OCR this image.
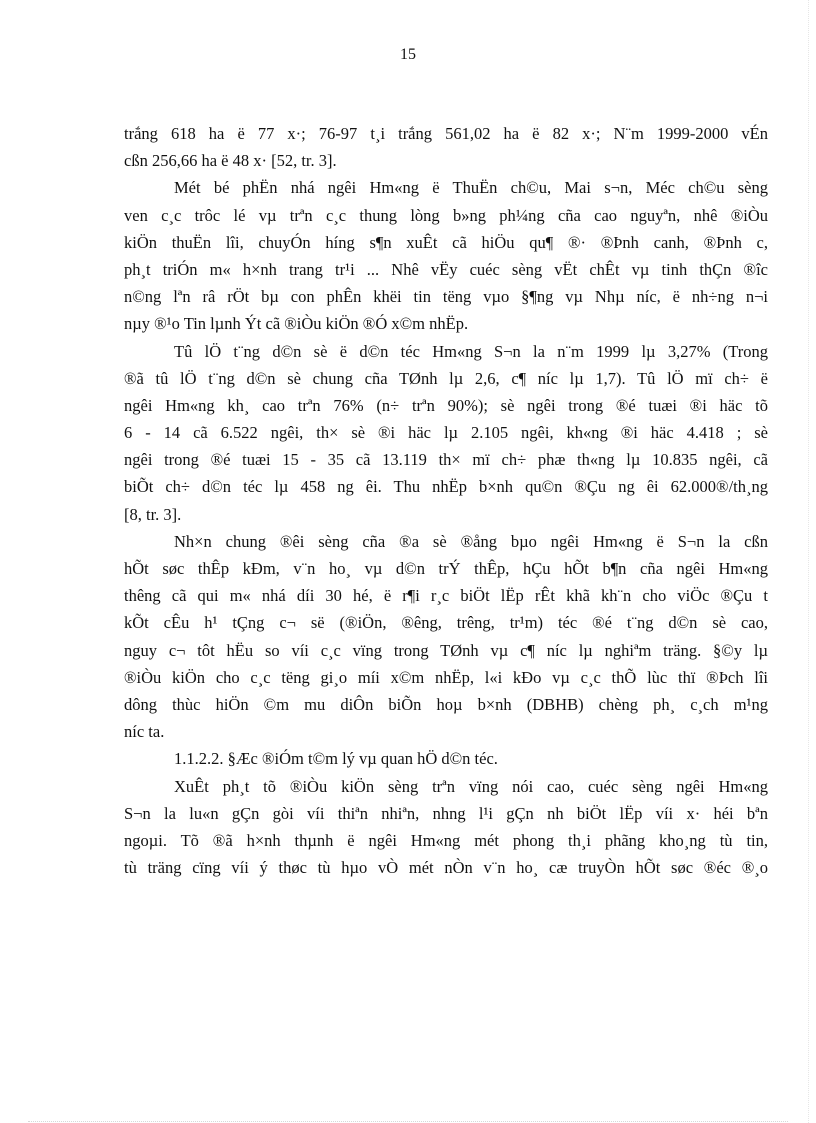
15
trắng 618 ha ë 77 x·; 76-97 t¸i trắng 561,02 ha ë 82 x·; N¨m 1999-2000 vÉn
cßn 256,66 ha ë 48 x· [52, tr. 3].
Mét bé phËn nhá ngêi Hm«ng ë ThuËn ch©u, Mai s¬n, Méc ch©u sèng
ven c¸c trôc lé vµ trªn c¸c thung lòng b»ng ph¼ng cña cao nguyªn, nhê ®iÒu
kiÖn thuËn lîi, chuyÓn híng s¶n xuÊt cã hiÖu qu¶ ®· ®Þnh canh, ®Þnh c,
ph¸t triÓn m« h×nh trang tr¹i ... Nhê vËy cuéc sèng vËt chÊt vµ tinh thÇn ®îc
n©ng lªn râ rÖt bµ con phÊn khëi tin tëng vµo §¶ng vµ Nhµ níc, ë nh÷ng n¬i
nµy ®¹o Tin lµnh Ýt cã ®iÒu kiÖn ®Ó x©m nhËp.
Tû lÖ t¨ng d©n sè ë d©n téc Hm«ng S¬n la n¨m 1999 lµ 3,27% (Trong
®ã tû lÖ t¨ng d©n sè chung cña TØnh lµ 2,6, c¶ níc lµ 1,7). Tû lÖ mï ch÷ ë
ngêi Hm«ng kh¸ cao trªn 76% (n÷ trªn 90%); sè ngêi trong ®é tuæi ®i häc tõ
6 - 14 cã 6.522 ngêi, th× sè ®i häc lµ 2.105 ngêi, kh«ng ®i häc 4.418 ; sè
ngêi trong ®é tuæi 15 - 35 cã 13.119 th× mï ch÷ phæ th«ng lµ 10.835 ngêi, cã
biÕt ch÷ d©n téc lµ 458 ng êi. Thu nhËp b×nh qu©n ®Çu ng êi 62.000®/th¸ng
[8, tr. 3].
Nh×n chung ®êi sèng cña ®a sè ®ång bµo ngêi Hm«ng ë S¬n la cßn
hÕt søc thÊp kÐm, v¨n ho¸ vµ d©n trÝ thÊp, hÇu hÕt b¶n cña ngêi Hm«ng
thêng cã qui m« nhá díi 30 hé, ë r¶i r¸c biÖt lËp rÊt khã kh¨n cho viÖc ®Çu t
kÕt cÊu h¹ tÇng c¬ së (®iÖn, ®êng, trêng, tr¹m) téc ®é t¨ng d©n sè cao,
nguy c¬ tôt hËu so víi c¸c vïng trong TØnh vµ c¶ níc lµ nghiªm träng. §©y lµ
®iÒu kiÖn cho c¸c tëng gi¸o míi x©m nhËp, l«i kÐo vµ c¸c thÕ lùc thï ®Þch lîi
dông thùc hiÖn ©m mu diÔn biÕn hoµ b×nh (DBHB) chèng ph¸ c¸ch m¹ng
níc ta.
1.1.2.2. §Æc ®iÓm t©m lý vµ quan hÖ d©n téc.
XuÊt ph¸t tõ ®iÒu kiÖn sèng trªn vïng nói cao, cuéc sèng ngêi Hm«ng
S¬n la lu«n gÇn gòi víi thiªn nhiªn, nhng l¹i gÇn nh biÖt lËp víi x· héi bªn
ngoµi. Tõ ®ã h×nh thµnh ë ngêi Hm«ng mét phong th¸i phãng kho¸ng tù tin,
tù träng cïng víi ý thøc tù hµo vÒ mét nÒn v¨n ho¸ cæ truyÒn hÕt søc ®éc ®¸o
